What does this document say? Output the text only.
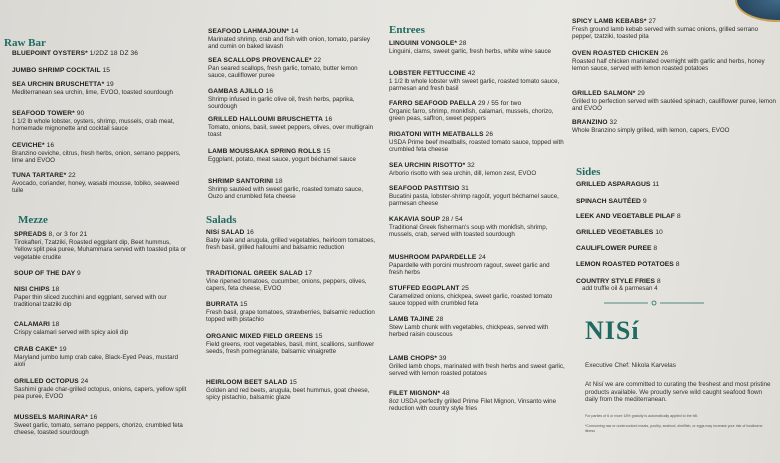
Raw Bar
BLUEPOINT OYSTERS* 1/2DZ 18 DZ 36
JUMBO SHRIMP COCKTAIL 15
SEA URCHIN BRUSCHETTA* 19
Mediterranean sea urchin, lime, EVOO, toasted sourdough
SEAFOOD TOWER* 90
1 1/2 lb whole lobster, oysters, shrimp, mussels, crab meat, homemade mignonette and cocktail sauce
CEVICHE* 16
Branzino ceviche, citrus, fresh herbs, onion, serrano peppers, lime and EVOO
TUNA TARTARE* 22
Avocado, coriander, honey, wasabi mousse, tobiko, seaweed tuile
Mezze
SPREADS 8, or 3 for 21
Tirokafteri, Tzatziki, Roasted eggplant dip, Beet hummus, Yellow split pea puree, Muhammara served with toasted pita or vegetable crudite
SOUP OF THE DAY 9
NISI CHIPS 18
Paper thin sliced zucchini and eggplant, served with our traditional tzatziki dip
CALAMARI 18
Crispy calamari served with spicy aioli dip
CRAB CAKE* 19
Maryland jumbo lump crab cake, Black-Eyed Peas, mustard aioli
GRILLED OCTOPUS 24
Sashimi grade char-grilled octopus, onions, capers, yellow split pea puree, EVOO
MUSSELS MARINARA* 16
Sweet garlic, tomato, serrano peppers, chorizo, crumbled feta cheese, toasted sourdough
SEAFOOD LAHMAJOUN* 14
Marinated shrimp, crab and fish with onion, tomato, parsley and cumin on baked lavash
SEA SCALLOPS PROVENCALE* 22
Pan seared scallops, fresh garlic, tomato, butter lemon sauce, cauliflower puree
GAMBAS AJILLO 16
Shrimp infused in garlic olive oil, fresh herbs, paprika, sourdough
GRILLED HALLOUMI BRUSCHETTA 16
Tomato, onions, basil, sweet peppers, olives, over multigrain toast
LAMB MOUSSAKA SPRING ROLLS 15
Eggplant, potato, meat sauce, yogurt béchamel sauce
SHRIMP SANTORINI 18
Shrimp sautéed with sweet garlic, roasted tomato sauce, Ouzo and crumbled feta cheese
Salads
NISí SALAD 16
Baby kale and arugula, grilled vegetables, heirloom tomatoes, fresh basil, grilled halloumi and balsamic reduction
TRADITIONAL GREEK SALAD 17
Vine ripened tomatoes, cucumber, onions, peppers, olives, capers, feta cheese, EVOO
BURRATA 15
Fresh basil, grape tomatoes, strawberries, balsamic reduction topped with pistachio
ORGANIC MIXED FIELD GREENS 15
Field greens, root vegetables, basil, mint, scallions, sunflower seeds, fresh pomegranate, balsamic vinaigrette
HEIRLOOM BEET SALAD 15
Golden and red beets, arugula, beet hummus, goat cheese, spicy pistachio, balsamic glaze
Entrees
LINGUINI VONGOLE* 28
Linguini, clams, sweet garlic, fresh herbs, white wine sauce
LOBSTER FETTUCCINE 42
1 1/2 lb whole lobster with sweet garlic, roasted tomato sauce, parmesan and fresh basil
FARRO SEAFOOD PAELLA 29 / 55 for two
Organic farro, shrimp, monkfish, calamari, mussels, chorizo, green peas, saffron, sweet peppers
RIGATONI WITH MEATBALLS 26
USDA Prime beef meatballs, roasted tomato sauce, topped with crumbled feta cheese
SEA URCHIN RISOTTO* 32
Arborio risotto with sea urchin, dill, lemon zest, EVOO
SEAFOOD PASTITSIO 31
Bucatini pasta, lobster-shrimp ragoût, yogurt béchamel sauce, parmesan cheese
KAKAVIA SOUP 28 / 54
Traditional Greek fisherman's soup with monkfish, shrimp, mussels, crab, served with toasted sourdough
MUSHROOM PAPARDELLE 24
Papardelle with porcini mushroom ragout, sweet garlic and fresh herbs
STUFFED EGGPLANT 25
Caramelized onions, chickpea, sweet garlic, roasted tomato sauce topped with crumbled feta
LAMB TAJINE 28
Stew Lamb chunk with vegetables, chickpeas, served with herbed raisin couscous
LAMB CHOPS* 39
Grilled lamb chops, marinated with fresh herbs and sweet garlic, served with lemon roasted potatoes
FILET MIGNON* 48
8oz USDA perfectly grilled Prime Filet Mignon, Vinsanto wine reduction with country style fries
SPICY LAMB KEBABS* 27
Fresh ground lamb kebab served with sumac onions, grilled serrano pepper, tzatziki, toasted pita
OVEN ROASTED CHICKEN 26
Roasted half chicken marinated overnight with garlic and herbs, honey lemon sauce, served with lemon roasted potatoes
GRILLED SALMON* 29
Grilled to perfection served with sautéed spinach, cauliflower puree, lemon and EVOO
BRANZINO 32
Whole Branzino simply grilled, with lemon, capers, EVOO
Sides
GRILLED ASPARAGUS 11
SPINACH SAUTÉED 9
LEEK AND VEGETABLE PILAF 8
GRILLED VEGETABLES 10
CAULIFLOWER PUREE 8
LEMON ROASTED POTATOES 8
COUNTRY STYLE FRIES 8
add truffle oil & parmesan 4
NISí
Executive Chef: Nikola Karvelas
At Nisí we are committed to curating the freshest and most pristine products available. We proudly serve wild caught seafood flown daily from the mediterranean.
For parties of 6 or more 18% gratuity is automatically applied to the bill.
*Consuming raw or undercooked meats, poultry, seafood, shellfish, or eggs may increase your risk of foodborne illness
